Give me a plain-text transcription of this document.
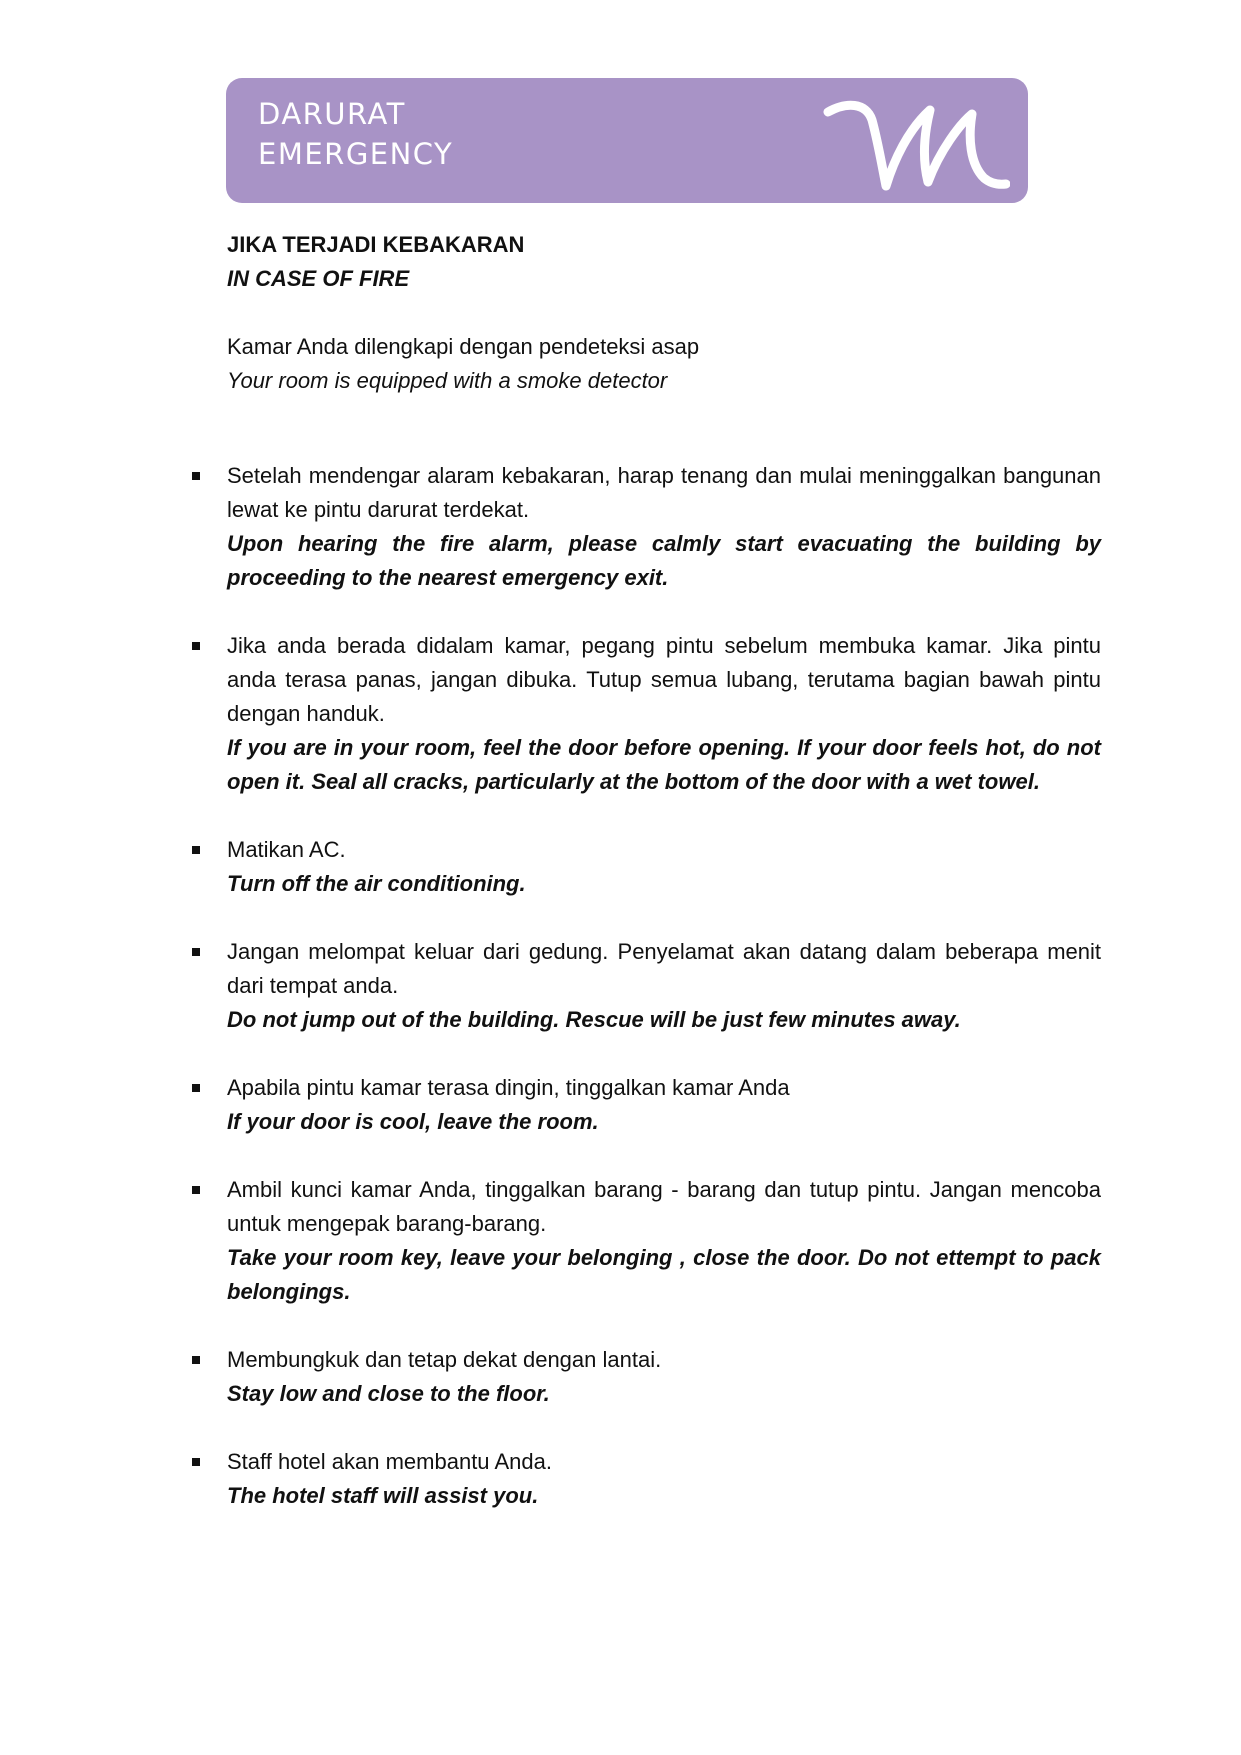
DARURAT
EMERGENCY
JIKA TERJADI KEBAKARAN
IN CASE OF FIRE
Kamar Anda dilengkapi dengan pendeteksi asap
Your room is equipped with a smoke detector
Setelah mendengar alaram kebakaran, harap tenang dan mulai meninggalkan bangunan lewat ke pintu darurat terdekat.
Upon hearing the fire alarm, please calmly start evacuating the building by proceeding to the nearest emergency exit.
Jika anda berada didalam kamar, pegang pintu sebelum membuka kamar. Jika pintu anda terasa panas, jangan dibuka. Tutup semua lubang, terutama bagian bawah pintu dengan handuk.
If you are in your room, feel the door before opening. If your door feels hot, do not open it. Seal all cracks, particularly at the bottom of the door with a wet towel.
Matikan AC.
Turn off the air conditioning.
Jangan melompat keluar dari gedung. Penyelamat akan datang dalam beberapa menit dari tempat anda.
Do not jump out of the building. Rescue will be just few minutes away.
Apabila pintu kamar terasa dingin, tinggalkan kamar Anda
If your door is cool, leave the room.
Ambil kunci kamar Anda, tinggalkan barang - barang dan tutup pintu. Jangan mencoba untuk mengepak barang-barang.
Take your room key, leave your belonging , close the door. Do not ettempt to pack belongings.
Membungkuk dan tetap dekat dengan lantai.
Stay low and close to the floor.
Staff hotel akan membantu Anda.
The hotel staff will assist you.
